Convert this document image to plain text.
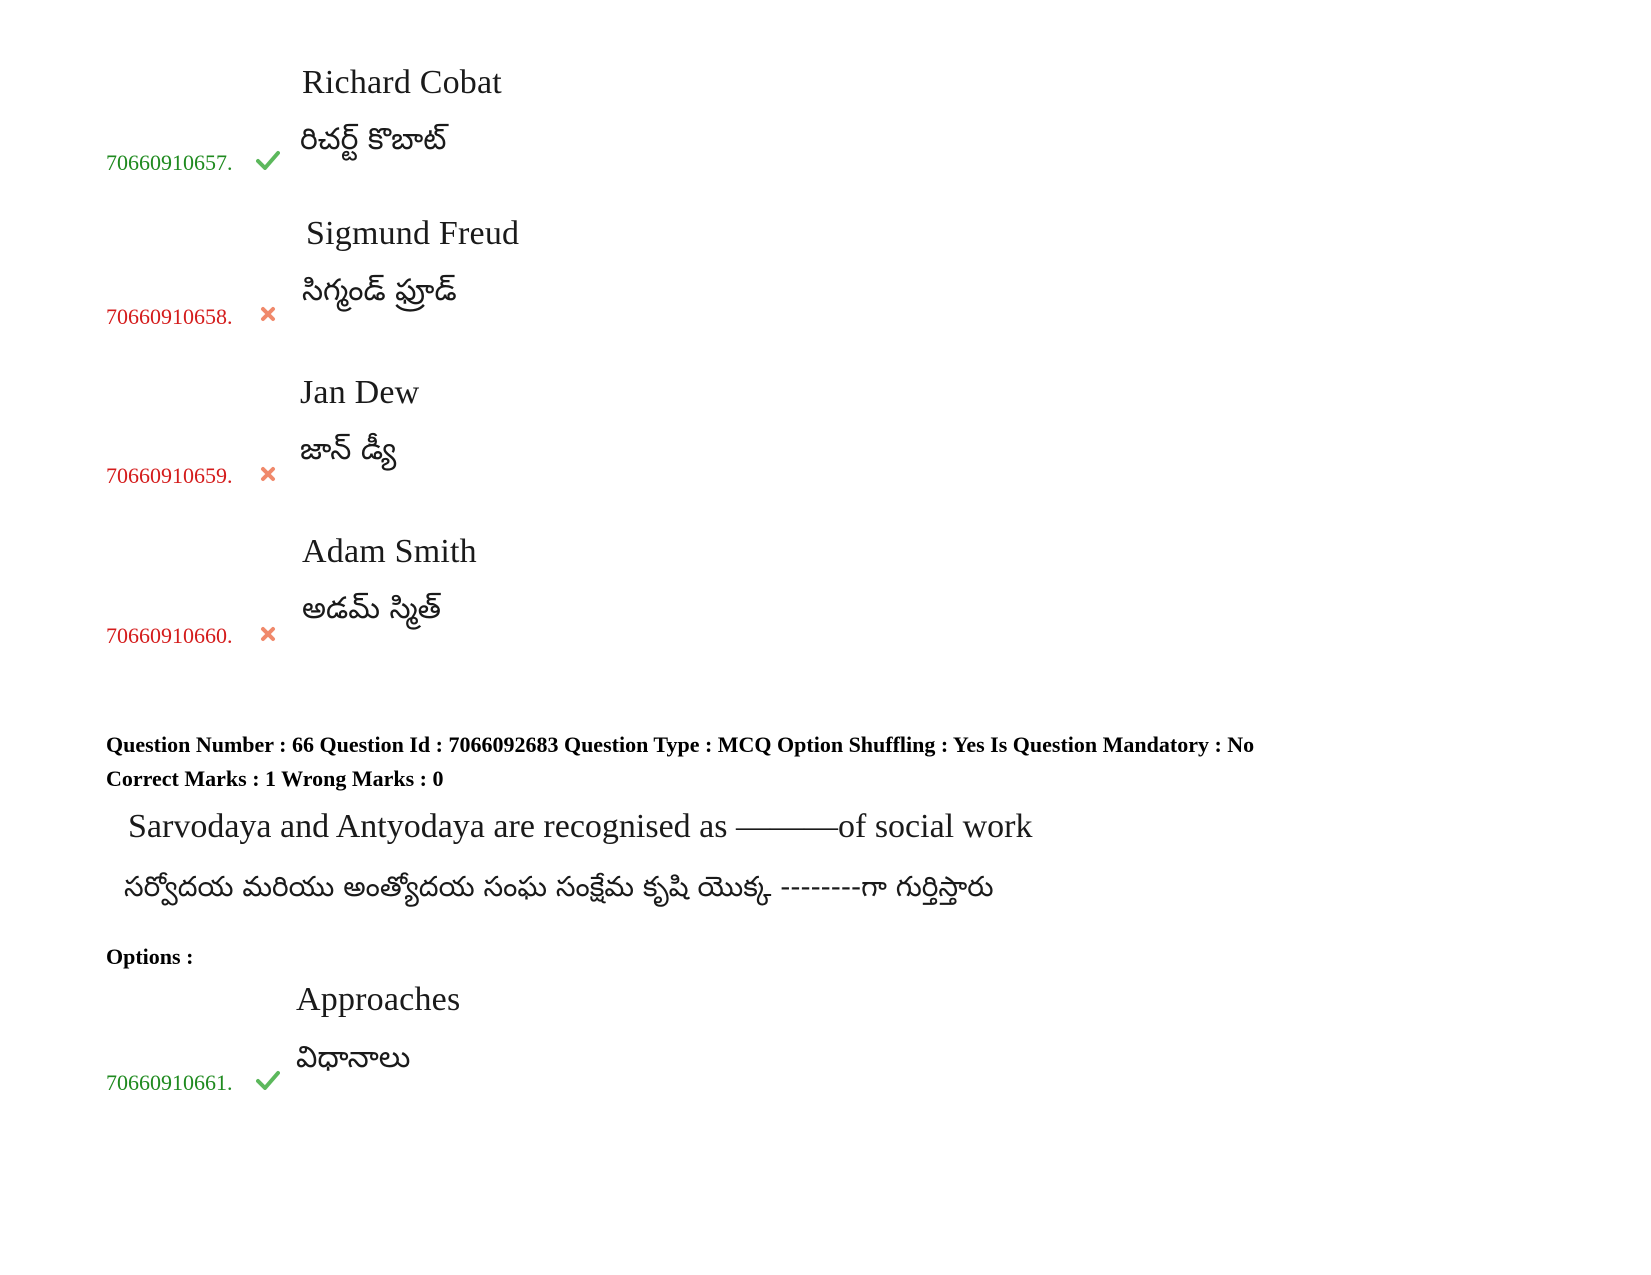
Richard Cobat
రిచర్ట్ కొబాట్
70660910657.
Sigmund Freud
సిగ్మండ్ ఫ్రూడ్
70660910658.
Jan Dew
జాన్ డ్యీ
70660910659.
Adam Smith
అడమ్ స్మిత్
70660910660.
Question Number : 66 Question Id : 7066092683 Question Type : MCQ Option Shuffling : Yes Is Question Mandatory : No
Correct Marks : 1 Wrong Marks : 0
Sarvodaya and Antyodaya are recognised as ———of social work
సర్వోదయ మరియు అంత్యోదయ సంఘ సంక్షేమ కృషి యొక్క --------గా గుర్తిస్తారు
Options :
Approaches
విధానాలు
70660910661.
